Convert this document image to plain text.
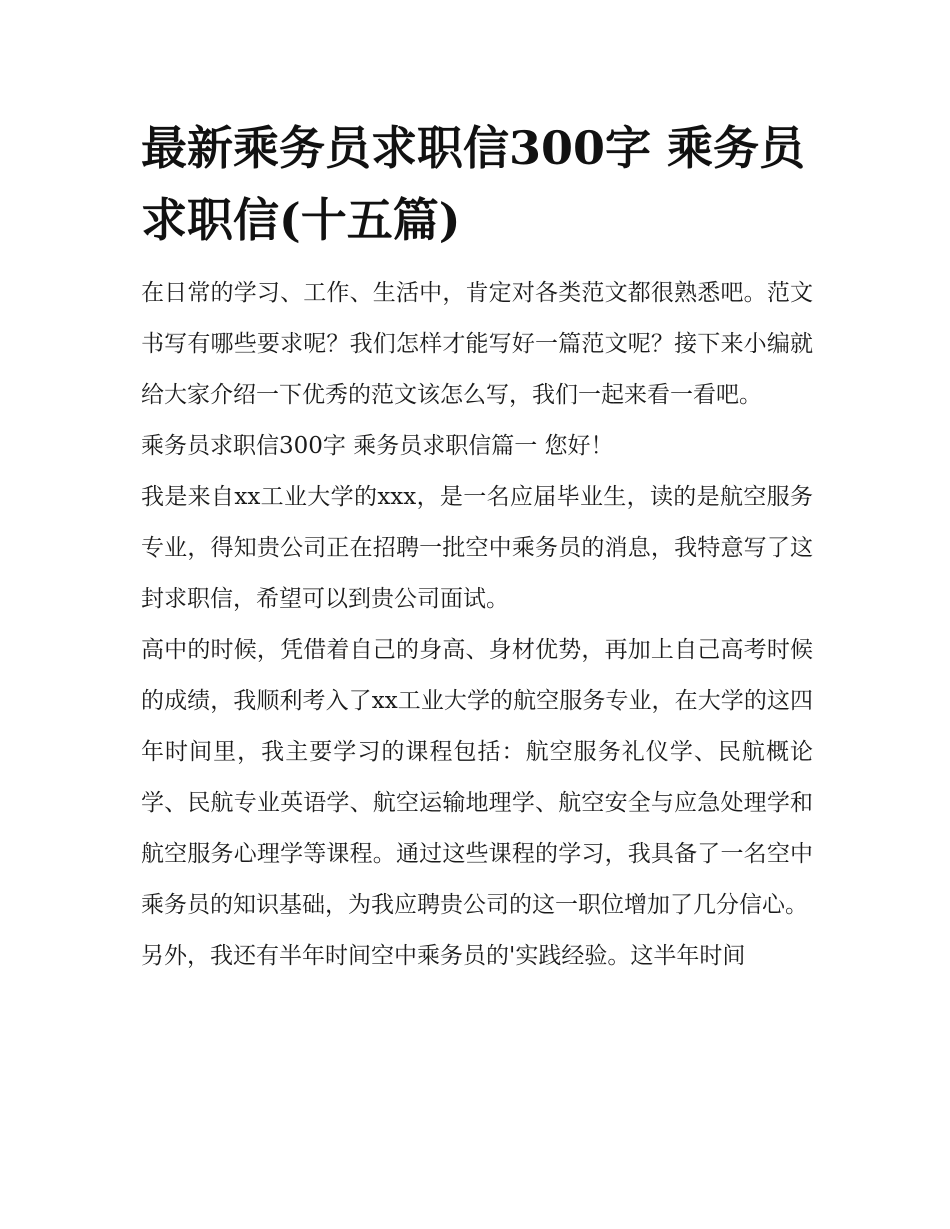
最新乘务员求职信300字 乘务员求职信(十五篇)

在日常的学习、工作、生活中，肯定对各类范文都很熟悉吧。范文书写有哪些要求呢？我们怎样才能写好一篇范文呢？接下来小编就给大家介绍一下优秀的范文该怎么写，我们一起来看一看吧。

乘务员求职信300字 乘务员求职信篇一 您好！

我是来自xx工业大学的xxx，是一名应届毕业生，读的是航空服务专业，得知贵公司正在招聘一批空中乘务员的消息，我特意写了这封求职信，希望可以到贵公司面试。

高中的时候，凭借着自己的身高、身材优势，再加上自己高考时候的成绩，我顺利考入了xx工业大学的航空服务专业，在大学的这四年时间里，我主要学习的课程包括：航空服务礼仪学、民航概论学、民航专业英语学、航空运输地理学、航空安全与应急处理学和航空服务心理学等课程。通过这些课程的学习，我具备了一名空中乘务员的知识基础，为我应聘贵公司的这一职位增加了几分信心。

另外，我还有半年时间空中乘务员的'实践经验。这半年时间
